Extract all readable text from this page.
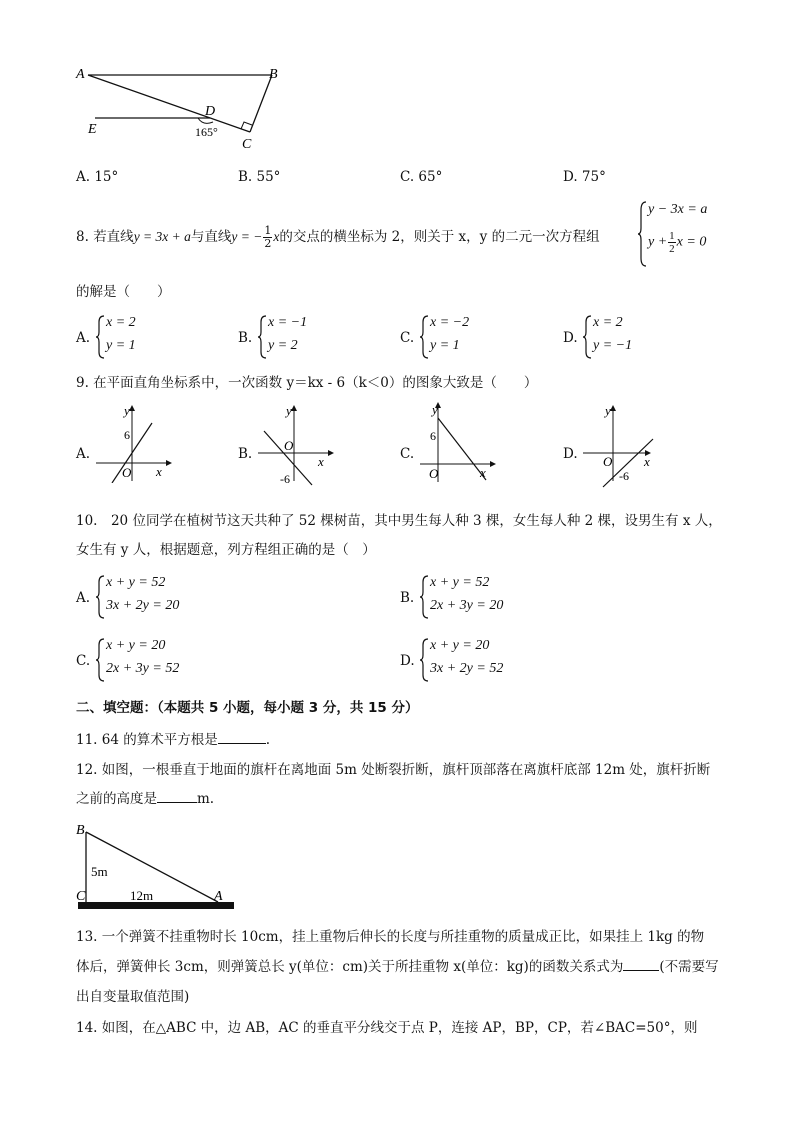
A	B
D
E
C
165°
A. 15°	B. 55°	C. 65°	D. 75°
8. 若直线y = 3x + a与直线y = − $\frac{1}{2}$ x的交点的横坐标为 2，则关于 x，y 的二元一次方程组
y − 3x = a
$y + \frac{1}{2}$ x = 0
的解是（　　）
A.
x = 2
y = 1	B.
x = −1
y = 2	C.
x = −2
y = 1	D.
x = 2
y = −1
9. 在平面直角坐标系中，一次函数 y＝kx - 6（k＜0）的图象大致是（　　）
A.
y
x
O
6
B.
y
x
O
-6
C.
y
x
O
6
D.
y
x
O
-6
10.　20 位同学在植树节这天共种了 52 棵树苗，其中男生每人种 3 棵，女生每人种 2 棵，设男生有 x 人，
女生有 y 人，根据题意，列方程组正确的是（　）
A.
x + y = 52
3x + 2y = 20	B.
x + y = 52
2x + 3y = 20
C.
x + y = 20
2x + 3y = 52	D.
x + y = 20
3x + 2y = 52
二、填空题：（本题共 5 小题，每小题 3 分，共 15 分）
11. 64 的算术平方根是	.
12. 如图，一根垂直于地面的旗杆在离地面 5m 处断裂折断，旗杆顶部落在离旗杆底部 12m 处，旗杆折断
之前的高度是	m.
B
C	A
5m
12m
13. 一个弹簧不挂重物时长 10cm，挂上重物后伸长的长度与所挂重物的质量成正比，如果挂上 1kg 的物
体后，弹簧伸长 3cm，则弹簧总长 y(单位：cm)关于所挂重物 x(单位：kg)的函数关系式为	(不需要写
出自变量取值范围)
14. 如图，在△ABC 中，边 AB，AC 的垂直平分线交于点 P，连接 AP，BP，CP，若∠BAC=50°，则
